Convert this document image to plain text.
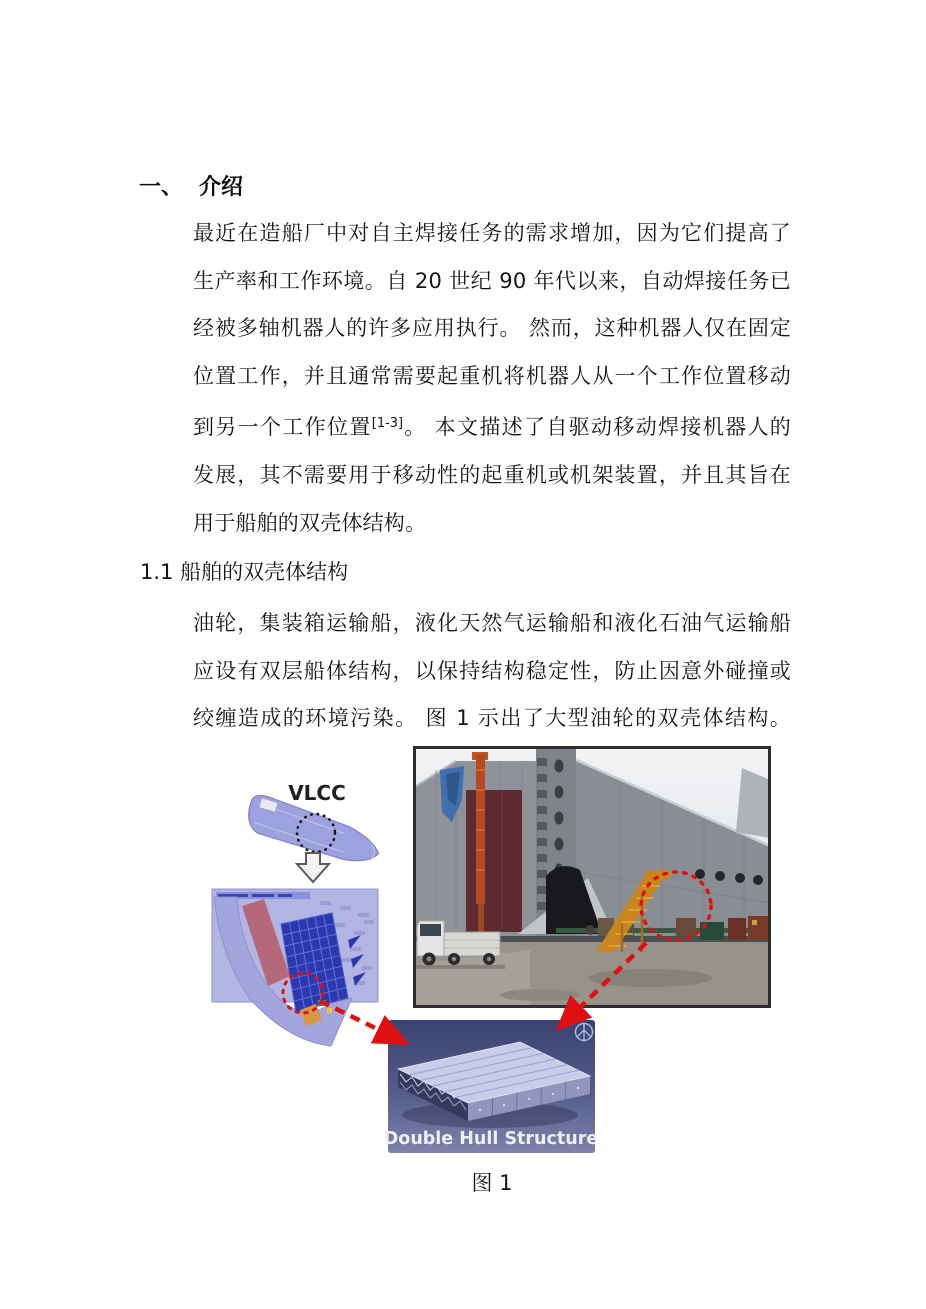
一、 介绍
最近在造船厂中对自主焊接任务的需求增加，因为它们提高了
生产率和工作环境。自 20 世纪 90 年代以来，自动焊接任务已
经被多轴机器人的许多应用执行。 然而，这种机器人仅在固定
位置工作，并且通常需要起重机将机器人从一个工作位置移动
到另一个工作位置[1-3]。 本文描述了自驱动移动焊接机器人的
发展，其不需要用于移动性的起重机或机架装置，并且其旨在
用于船舶的双壳体结构。
1.1 船舶的双壳体结构
油轮，集装箱运输船，液化天然气运输船和液化石油气运输船
应设有双层船体结构，以保持结构稳定性，防止因意外碰撞或
绞缠造成的环境污染。 图 1 示出了大型油轮的双壳体结构。
Double Hull Structure
VLCC
图 1
